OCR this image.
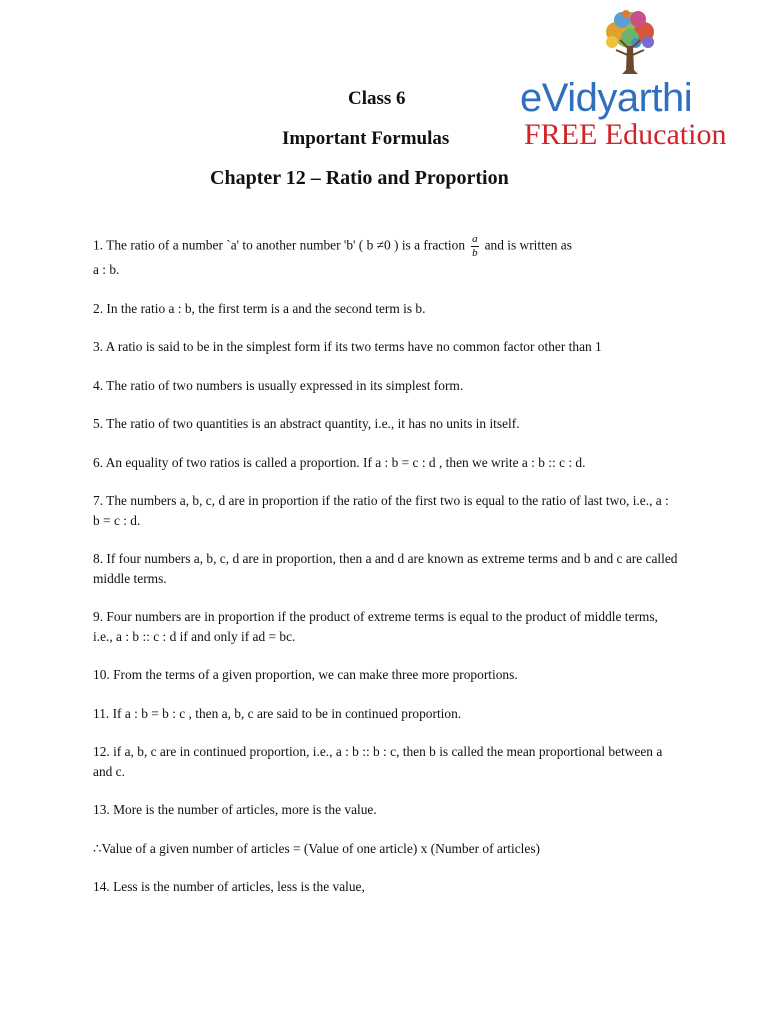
eVidyarthi
FREE Education
Class 6
Important Formulas
Chapter 12 – Ratio and Proportion
1. The ratio of a number `a' to another number 'b' ( b ≠0 ) is a fraction $\frac{a}{b}$ and is written as
a : b.
2. In the ratio a : b, the first term is a and the second term is b.
3. A ratio is said to be in the simplest form if its two terms have no common factor other than 1
4. The ratio of two numbers is usually expressed in its simplest form.
5. The ratio of two quantities is an abstract quantity, i.e., it has no units in itself.
6. An equality of two ratios is called a proportion. If a : b = c : d , then we write a : b :: c : d.
7. The numbers a, b, c, d are in proportion if the ratio of the first two is equal to the ratio of last two, i.e., a : b = c : d.
8. If four numbers a, b, c, d are in proportion, then a and d are known as extreme terms and b and c are called middle terms.
9. Four numbers are in proportion if the product of extreme terms is equal to the product of middle terms, i.e., a : b :: c : d if and only if ad = bc.
10. From the terms of a given proportion, we can make three more proportions.
11. If a : b = b : c , then a, b, c are said to be in continued proportion.
12. if a, b, c are in continued proportion, i.e., a : b :: b : c, then b is called the mean proportional between a and c.
13. More is the number of articles, more is the value.
∴Value of a given number of articles = (Value of one article) x (Number of articles)
14. Less is the number of articles, less is the value,
